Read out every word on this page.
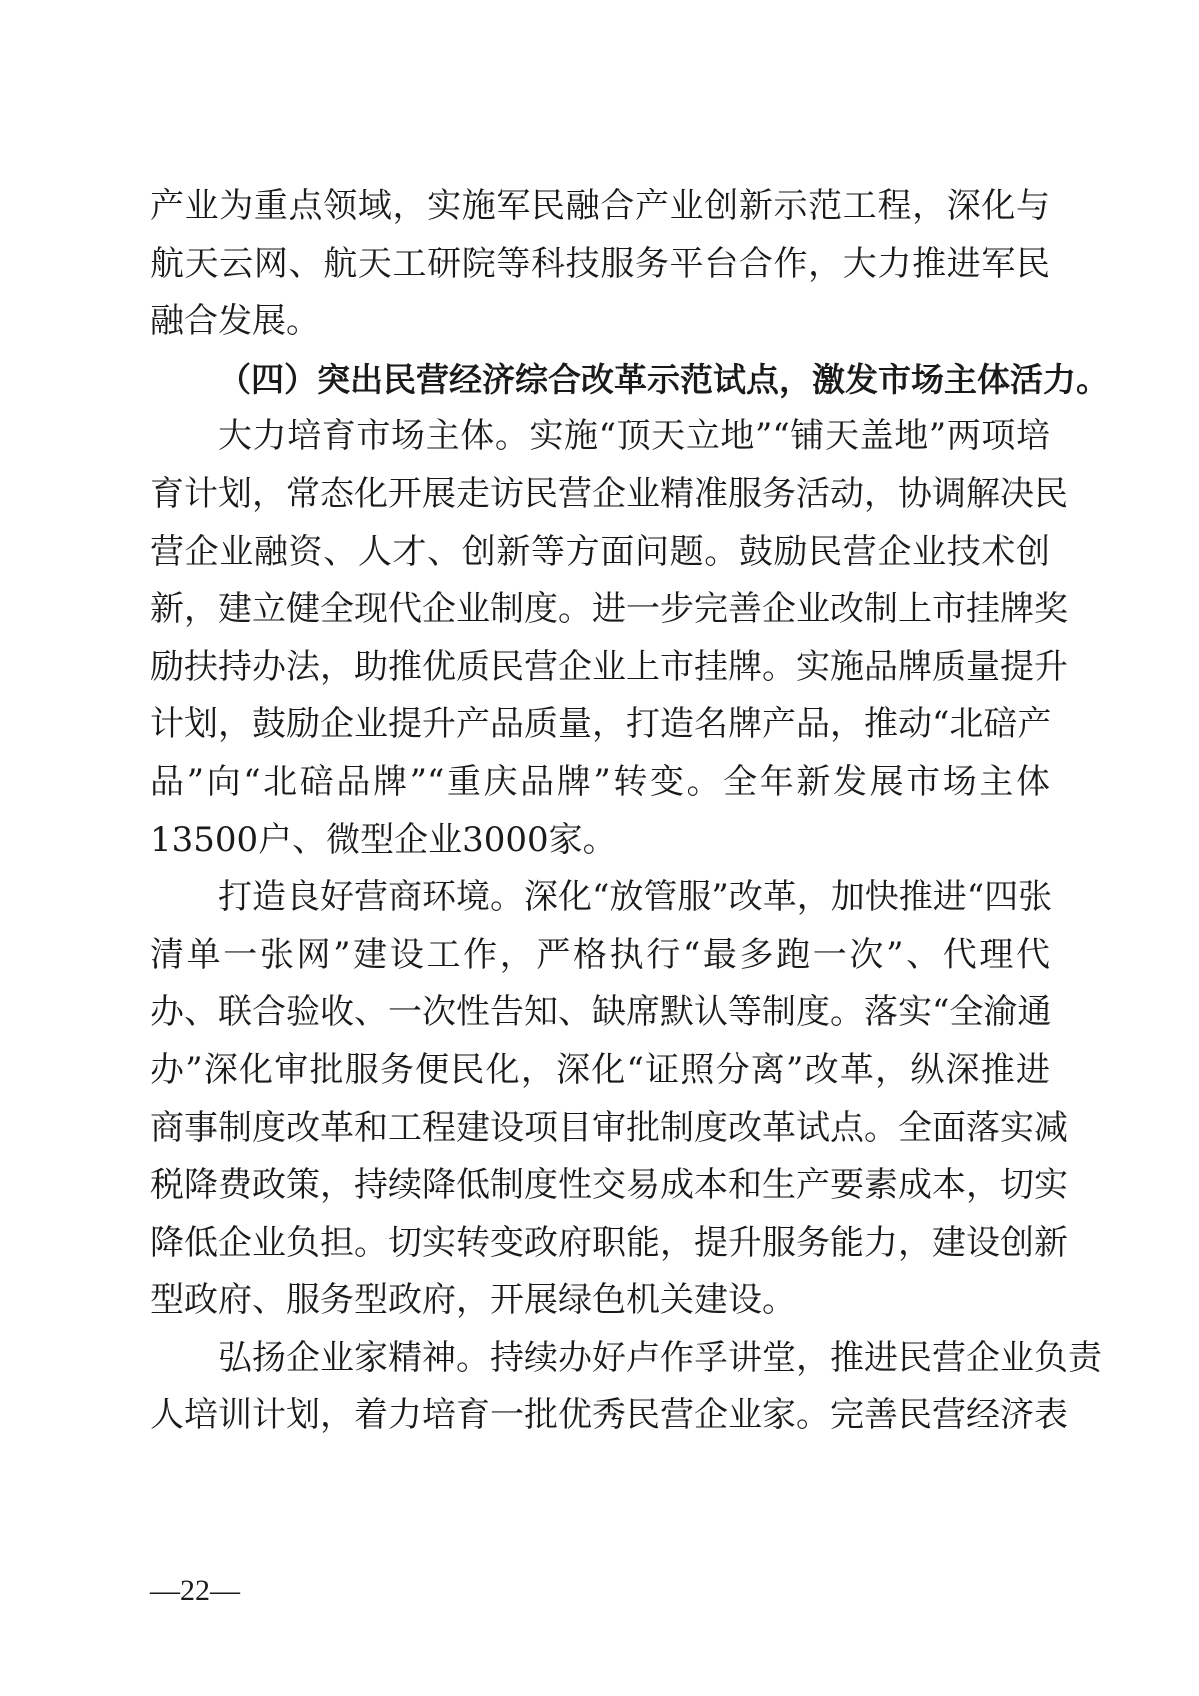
产业为重点领域，实施军民融合产业创新示范工程，深化与
航天云网、航天工研院等科技服务平台合作，大力推进军民
融合发展。
（四）突出民营经济综合改革示范试点，激发市场主体活力。
大力培育市场主体。实施“顶天立地”“铺天盖地”两项培
育计划，常态化开展走访民营企业精准服务活动，协调解决民
营企业融资、人才、创新等方面问题。鼓励民营企业技术创
新，建立健全现代企业制度。进一步完善企业改制上市挂牌奖
励扶持办法，助推优质民营企业上市挂牌。实施品牌质量提升
计划，鼓励企业提升产品质量，打造名牌产品，推动“北碚产
品”向“北碚品牌”“重庆品牌”转变。全年新发展市场主体
13500户、微型企业3000家。
打造良好营商环境。深化“放管服”改革，加快推进“四张
清单一张网”建设工作，严格执行“最多跑一次”、代理代
办、联合验收、一次性告知、缺席默认等制度。落实“全渝通
办”深化审批服务便民化，深化“证照分离”改革，纵深推进
商事制度改革和工程建设项目审批制度改革试点。全面落实减
税降费政策，持续降低制度性交易成本和生产要素成本，切实
降低企业负担。切实转变政府职能，提升服务能力，建设创新
型政府、服务型政府，开展绿色机关建设。
弘扬企业家精神。持续办好卢作孚讲堂，推进民营企业负责
人培训计划，着力培育一批优秀民营企业家。完善民营经济表
—22—
